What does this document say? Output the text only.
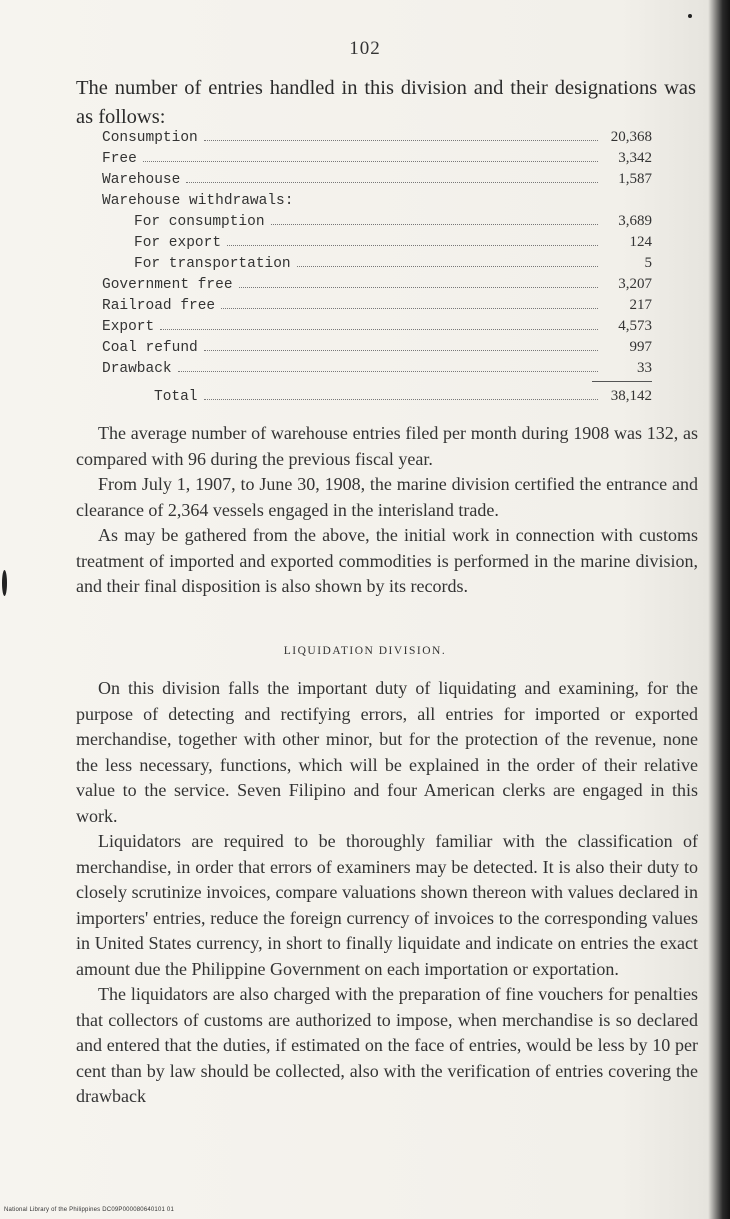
102
The number of entries handled in this division and their designations was as follows:
Consumption	20,368
Free	3,342
Warehouse	1,587
Warehouse withdrawals:
For consumption	3,689
For export	124
For transportation	5
Government free	3,207
Railroad free	217
Export	4,573
Coal refund	997
Drawback	33
Total	38,142

The average number of warehouse entries filed per month during 1908 was 132, as compared with 96 during the previous fiscal year.

From July 1, 1907, to June 30, 1908, the marine division certified the entrance and clearance of 2,364 vessels engaged in the interisland trade.

As may be gathered from the above, the initial work in connection with customs treatment of imported and exported commodities is performed in the marine division, and their final disposition is also shown by its records.

LIQUIDATION DIVISION.

On this division falls the important duty of liquidating and examining, for the purpose of detecting and rectifying errors, all entries for imported or exported merchandise, together with other minor, but for the protection of the revenue, none the less necessary, functions, which will be explained in the order of their relative value to the service. Seven Filipino and four American clerks are engaged in this work.

Liquidators are required to be thoroughly familiar with the classification of merchandise, in order that errors of examiners may be detected. It is also their duty to closely scrutinize invoices, compare valuations shown thereon with values declared in importers' entries, reduce the foreign currency of invoices to the corresponding values in United States currency, in short to finally liquidate and indicate on entries the exact amount due the Philippine Government on each importation or exportation.

The liquidators are also charged with the preparation of fine vouchers for penalties that collectors of customs are authorized to impose, when merchandise is so declared and entered that the duties, if estimated on the face of entries, would be less by 10 per cent than by law should be collected, also with the verification of entries covering the drawback

National Library of the Philippines DC09P000080640101 01
